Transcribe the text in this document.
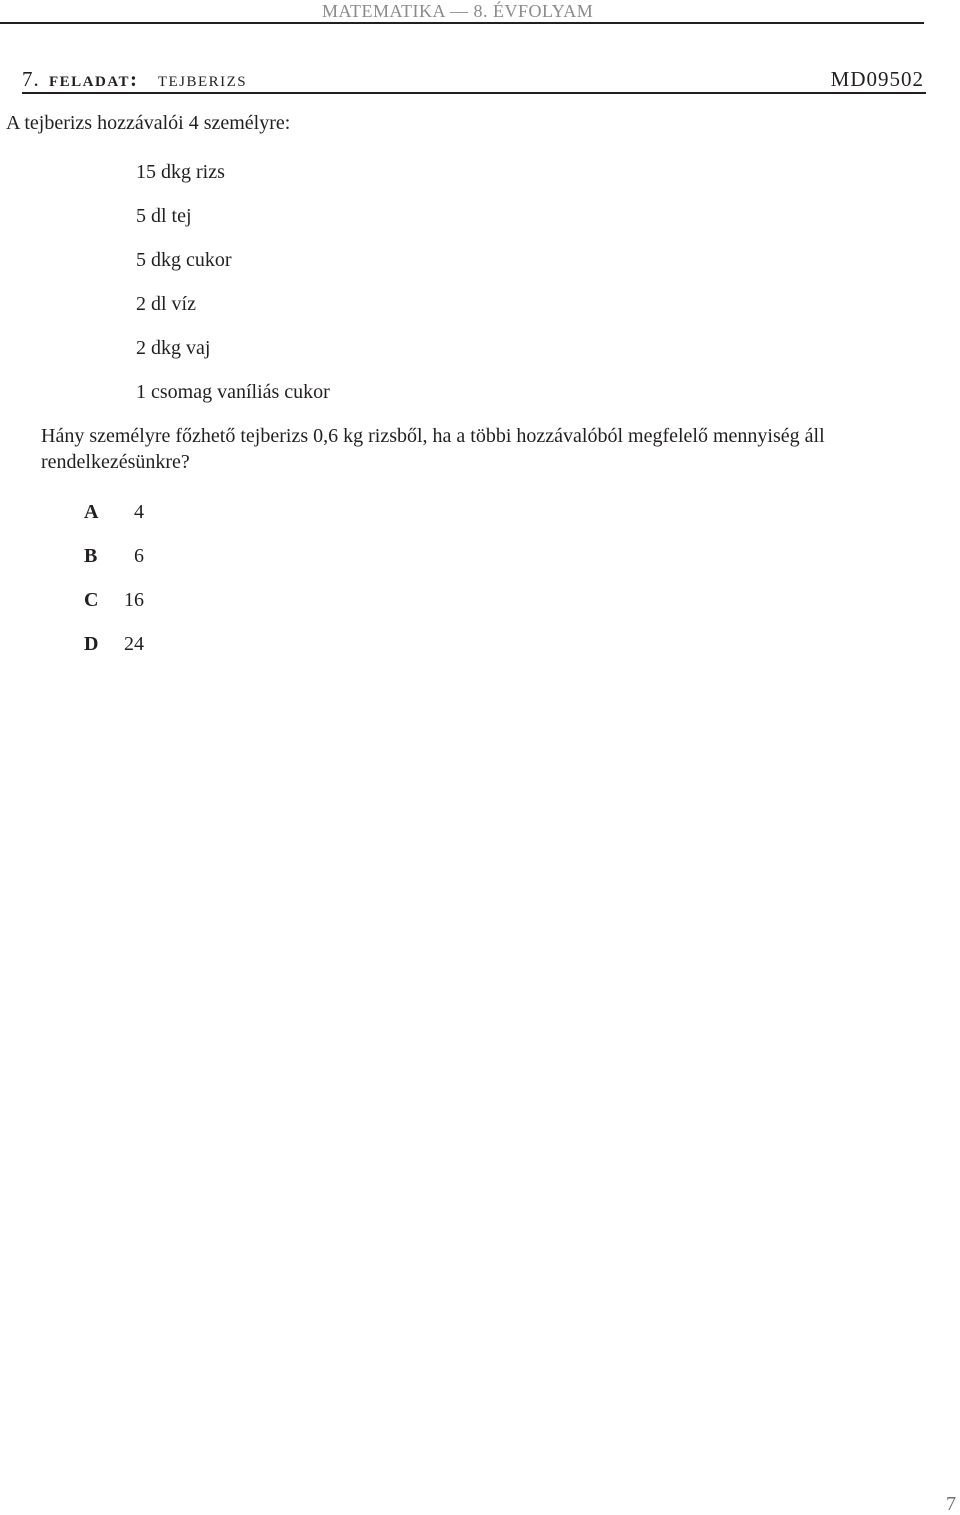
MATEMATIKA — 8. ÉVFOLYAM
7. feladat: tejberizs	MD09502
A tejberizs hozzávalói 4 személyre:
15 dkg rizs
5 dl tej
5 dkg cukor
2 dl víz
2 dkg vaj
1 csomag vaníliás cukor
Hány személyre főzhető tejberizs 0,6 kg rizsből, ha a többi hozzávalóból megfelelő mennyiség áll rendelkezésünkre?
A 4
B 6
C 16
D 24
7
